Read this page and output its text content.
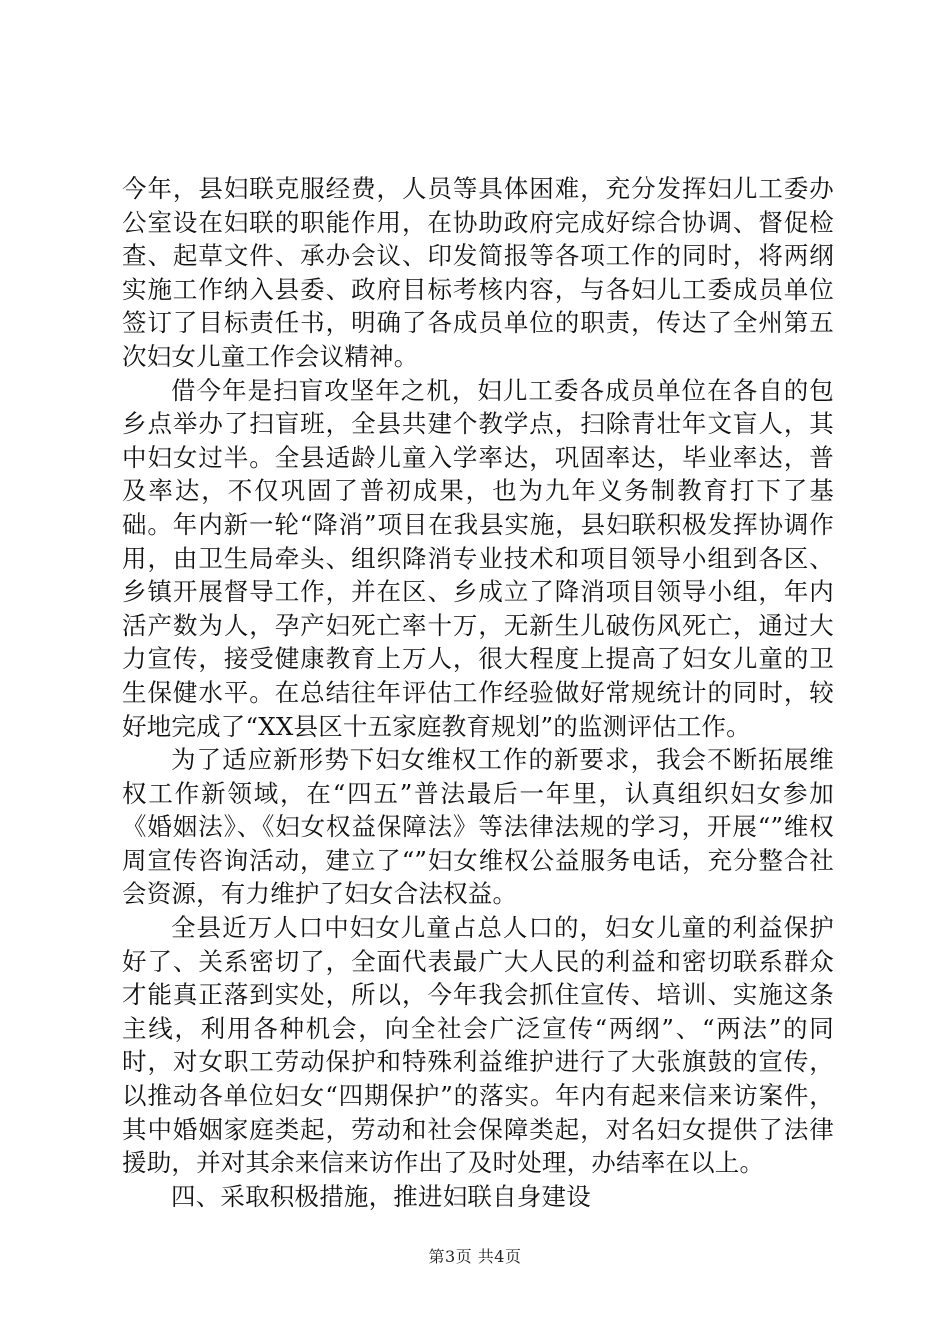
今年，县妇联克服经费，人员等具体困难，充分发挥妇儿工委办公室设在妇联的职能作用，在协助政府完成好综合协调、督促检查、起草文件、承办会议、印发简报等各项工作的同时，将两纲实施工作纳入县委、政府目标考核内容，与各妇儿工委成员单位签订了目标责任书，明确了各成员单位的职责，传达了全州第五次妇女儿童工作会议精神。

借今年是扫盲攻坚年之机，妇儿工委各成员单位在各自的包乡点举办了扫盲班，全县共建个教学点，扫除青壮年文盲人，其中妇女过半。全县适龄儿童入学率达，巩固率达，毕业率达，普及率达，不仅巩固了普初成果，也为九年义务制教育打下了基础。年内新一轮“降消”项目在我县实施，县妇联积极发挥协调作用，由卫生局牵头、组织降消专业技术和项目领导小组到各区、乡镇开展督导工作，并在区、乡成立了降消项目领导小组，年内活产数为人，孕产妇死亡率十万，无新生儿破伤风死亡，通过大力宣传，接受健康教育上万人，很大程度上提高了妇女儿童的卫生保健水平。在总结往年评估工作经验做好常规统计的同时，较好地完成了“XX县区十五家庭教育规划”的监测评估工作。

为了适应新形势下妇女维权工作的新要求，我会不断拓展维权工作新领域，在“四五”普法最后一年里，认真组织妇女参加《婚姻法》、《妇女权益保障法》等法律法规的学习，开展“”维权周宣传咨询活动，建立了“”妇女维权公益服务电话，充分整合社会资源，有力维护了妇女合法权益。

全县近万人口中妇女儿童占总人口的，妇女儿童的利益保护好了、关系密切了，全面代表最广大人民的利益和密切联系群众才能真正落到实处，所以，今年我会抓住宣传、培训、实施这条主线，利用各种机会，向全社会广泛宣传“两纲”、“两法”的同时，对女职工劳动保护和特殊利益维护进行了大张旗鼓的宣传，以推动各单位妇女“四期保护”的落实。年内有起来信来访案件，其中婚姻家庭类起，劳动和社会保障类起，对名妇女提供了法律援助，并对其余来信来访作出了及时处理，办结率在以上。

四、采取积极措施，推进妇联自身建设

第3页 共4页
